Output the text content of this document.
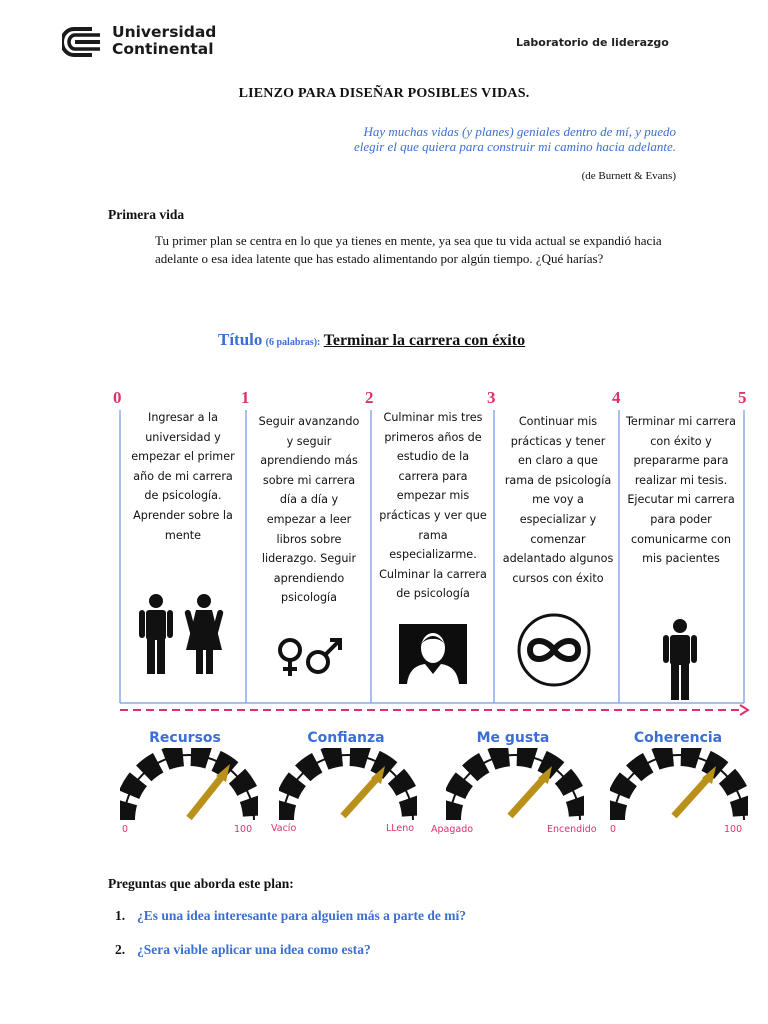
Universidad
Continental	Laboratorio de liderazgo
LIENZO PARA DISEÑAR POSIBLES VIDAS.
Hay muchas vidas (y planes) geniales dentro de mí, y puedo elegir el que quiera para construir mi camino hacia adelante.
(de Burnett & Evans)
Primera vida
Tu primer plan se centra en lo que ya tienes en mente, ya sea que tu vida actual se expandió hacia adelante o esa idea latente que has estado alimentando por algún tiempo. ¿Qué harías?
Título (6 palabras): Terminar la carrera con éxito
0	1	2	3	4	5
Ingresar a la universidad y empezar el primer año de mi carrera de psicología. Aprender sobre la mente
Seguir avanzando y seguir aprendiendo más sobre mi carrera día a día y empezar a leer libros sobre liderazgo. Seguir aprendiendo psicología
Culminar mis tres primeros años de estudio de la carrera para empezar mis prácticas y ver que rama especializarme. Culminar la carrera de psicología
Continuar mis prácticas y tener en claro a que rama de psicología me voy a especializar y comenzar adelantado algunos cursos con éxito
Terminar mi carrera con éxito y prepararme para realizar mi tesis. Ejecutar mi carrera para poder comunicarme con mis pacientes
Recursos	Confianza	Me gusta	Coherencia
0	100 Vacío	LLeno Apagado	Encendido 0	100
Preguntas que aborda este plan:
1. ¿Es una idea interesante para alguien más a parte de mí?
2. ¿Sera viable aplicar una idea como esta?
